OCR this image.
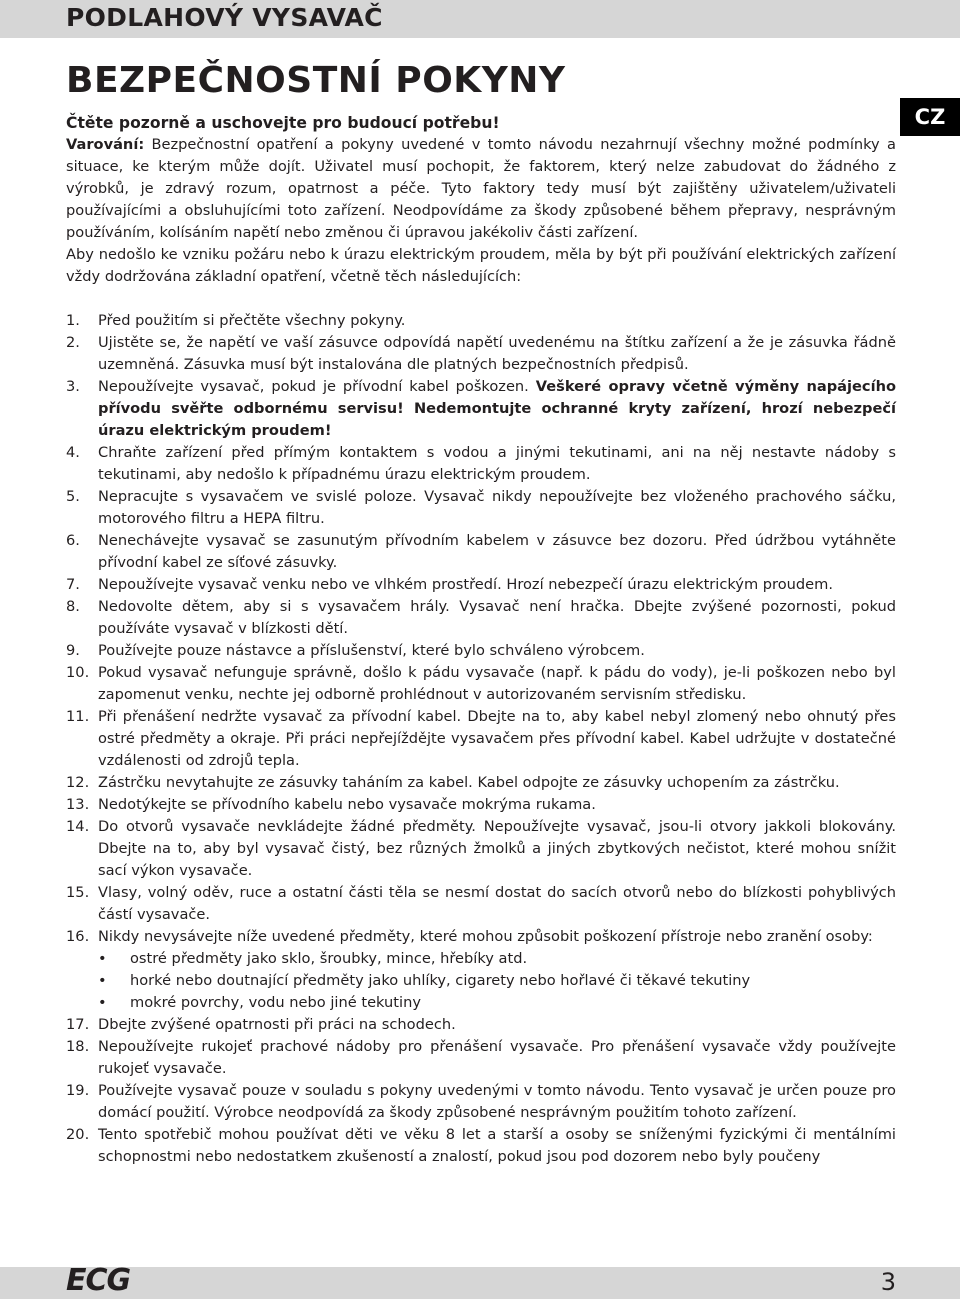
PODLAHOVÝ VYSAVAČ
CZ
BEZPEČNOSTNÍ POKYNY
Čtěte pozorně a uschovejte pro budoucí potřebu!

Varování: Bezpečnostní opatření a pokyny uvedené v tomto návodu nezahrnují všechny možné podmínky a situace, ke kterým může dojít. Uživatel musí pochopit, že faktorem, který nelze zabudovat do žádného z výrobků, je zdravý rozum, opatrnost a péče. Tyto faktory tedy musí být zajištěny uživatelem/uživateli používajícími a obsluhujícími toto zařízení. Neodpovídáme za škody způsobené během přepravy, nesprávným používáním, kolísáním napětí nebo změnou či úpravou jakékoliv části zařízení.

Aby nedošlo ke vzniku požáru nebo k úrazu elektrickým proudem, měla by být při používání elektrických zařízení vždy dodržována základní opatření, včetně těch následujících:

1. Před použitím si přečtěte všechny pokyny.
2. Ujistěte se, že napětí ve vaší zásuvce odpovídá napětí uvedenému na štítku zařízení a že je zásuvka řádně uzemněná. Zásuvka musí být instalována dle platných bezpečnostních předpisů.
3. Nepoužívejte vysavač, pokud je přívodní kabel poškozen. Veškeré opravy včetně výměny napájecího přívodu svěřte odbornému servisu! Nedemontujte ochranné kryty zařízení, hrozí nebezpečí úrazu elektrickým proudem!
4. Chraňte zařízení před přímým kontaktem s vodou a jinými tekutinami, ani na něj nestavte nádoby s tekutinami, aby nedošlo k případnému úrazu elektrickým proudem.
5. Nepracujte s vysavačem ve svislé poloze. Vysavač nikdy nepoužívejte bez vloženého prachového sáčku, motorového filtru a HEPA filtru.
6. Nenechávejte vysavač se zasunutým přívodním kabelem v zásuvce bez dozoru. Před údržbou vytáhněte přívodní kabel ze síťové zásuvky.
7. Nepoužívejte vysavač venku nebo ve vlhkém prostředí. Hrozí nebezpečí úrazu elektrickým proudem.
8. Nedovolte dětem, aby si s vysavačem hrály. Vysavač není hračka. Dbejte zvýšené pozornosti, pokud používáte vysavač v blízkosti dětí.
9. Používejte pouze nástavce a příslušenství, které bylo schváleno výrobcem.
10. Pokud vysavač nefunguje správně, došlo k pádu vysavače (např. k pádu do vody), je-li poškozen nebo byl zapomenut venku, nechte jej odborně prohlédnout v autorizovaném servisním středisku.
11. Při přenášení nedržte vysavač za přívodní kabel. Dbejte na to, aby kabel nebyl zlomený nebo ohnutý přes ostré předměty a okraje. Při práci nepřejíždějte vysavačem přes přívodní kabel. Kabel udržujte v dostatečné vzdálenosti od zdrojů tepla.
12. Zástrčku nevytahujte ze zásuvky taháním za kabel. Kabel odpojte ze zásuvky uchopením za zástrčku.
13. Nedotýkejte se přívodního kabelu nebo vysavače mokrýma rukama.
14. Do otvorů vysavače nevkládejte žádné předměty. Nepoužívejte vysavač, jsou-li otvory jakkoli blokovány. Dbejte na to, aby byl vysavač čistý, bez různých žmolků a jiných zbytkových nečistot, které mohou snížit sací výkon vysavače.
15. Vlasy, volný oděv, ruce a ostatní části těla se nesmí dostat do sacích otvorů nebo do blízkosti pohyblivých částí vysavače.
16. Nikdy nevysávejte níže uvedené předměty, které mohou způsobit poškození přístroje nebo zranění osoby:
• ostré předměty jako sklo, šroubky, mince, hřebíky atd.
• horké nebo doutnající předměty jako uhlíky, cigarety nebo hořlavé či těkavé tekutiny
• mokré povrchy, vodu nebo jiné tekutiny
17. Dbejte zvýšené opatrnosti při práci na schodech.
18. Nepoužívejte rukojeť prachové nádoby pro přenášení vysavače. Pro přenášení vysavače vždy používejte rukojeť vysavače.
19. Používejte vysavač pouze v souladu s pokyny uvedenými v tomto návodu. Tento vysavač je určen pouze pro domácí použití. Výrobce neodpovídá za škody způsobené nesprávným použitím tohoto zařízení.
20. Tento spotřebič mohou používat děti ve věku 8 let a starší a osoby se sníženými fyzickými či mentálními schopnostmi nebo nedostatkem zkušeností a znalostí, pokud jsou pod dozorem nebo byly poučeny
ECG	3
